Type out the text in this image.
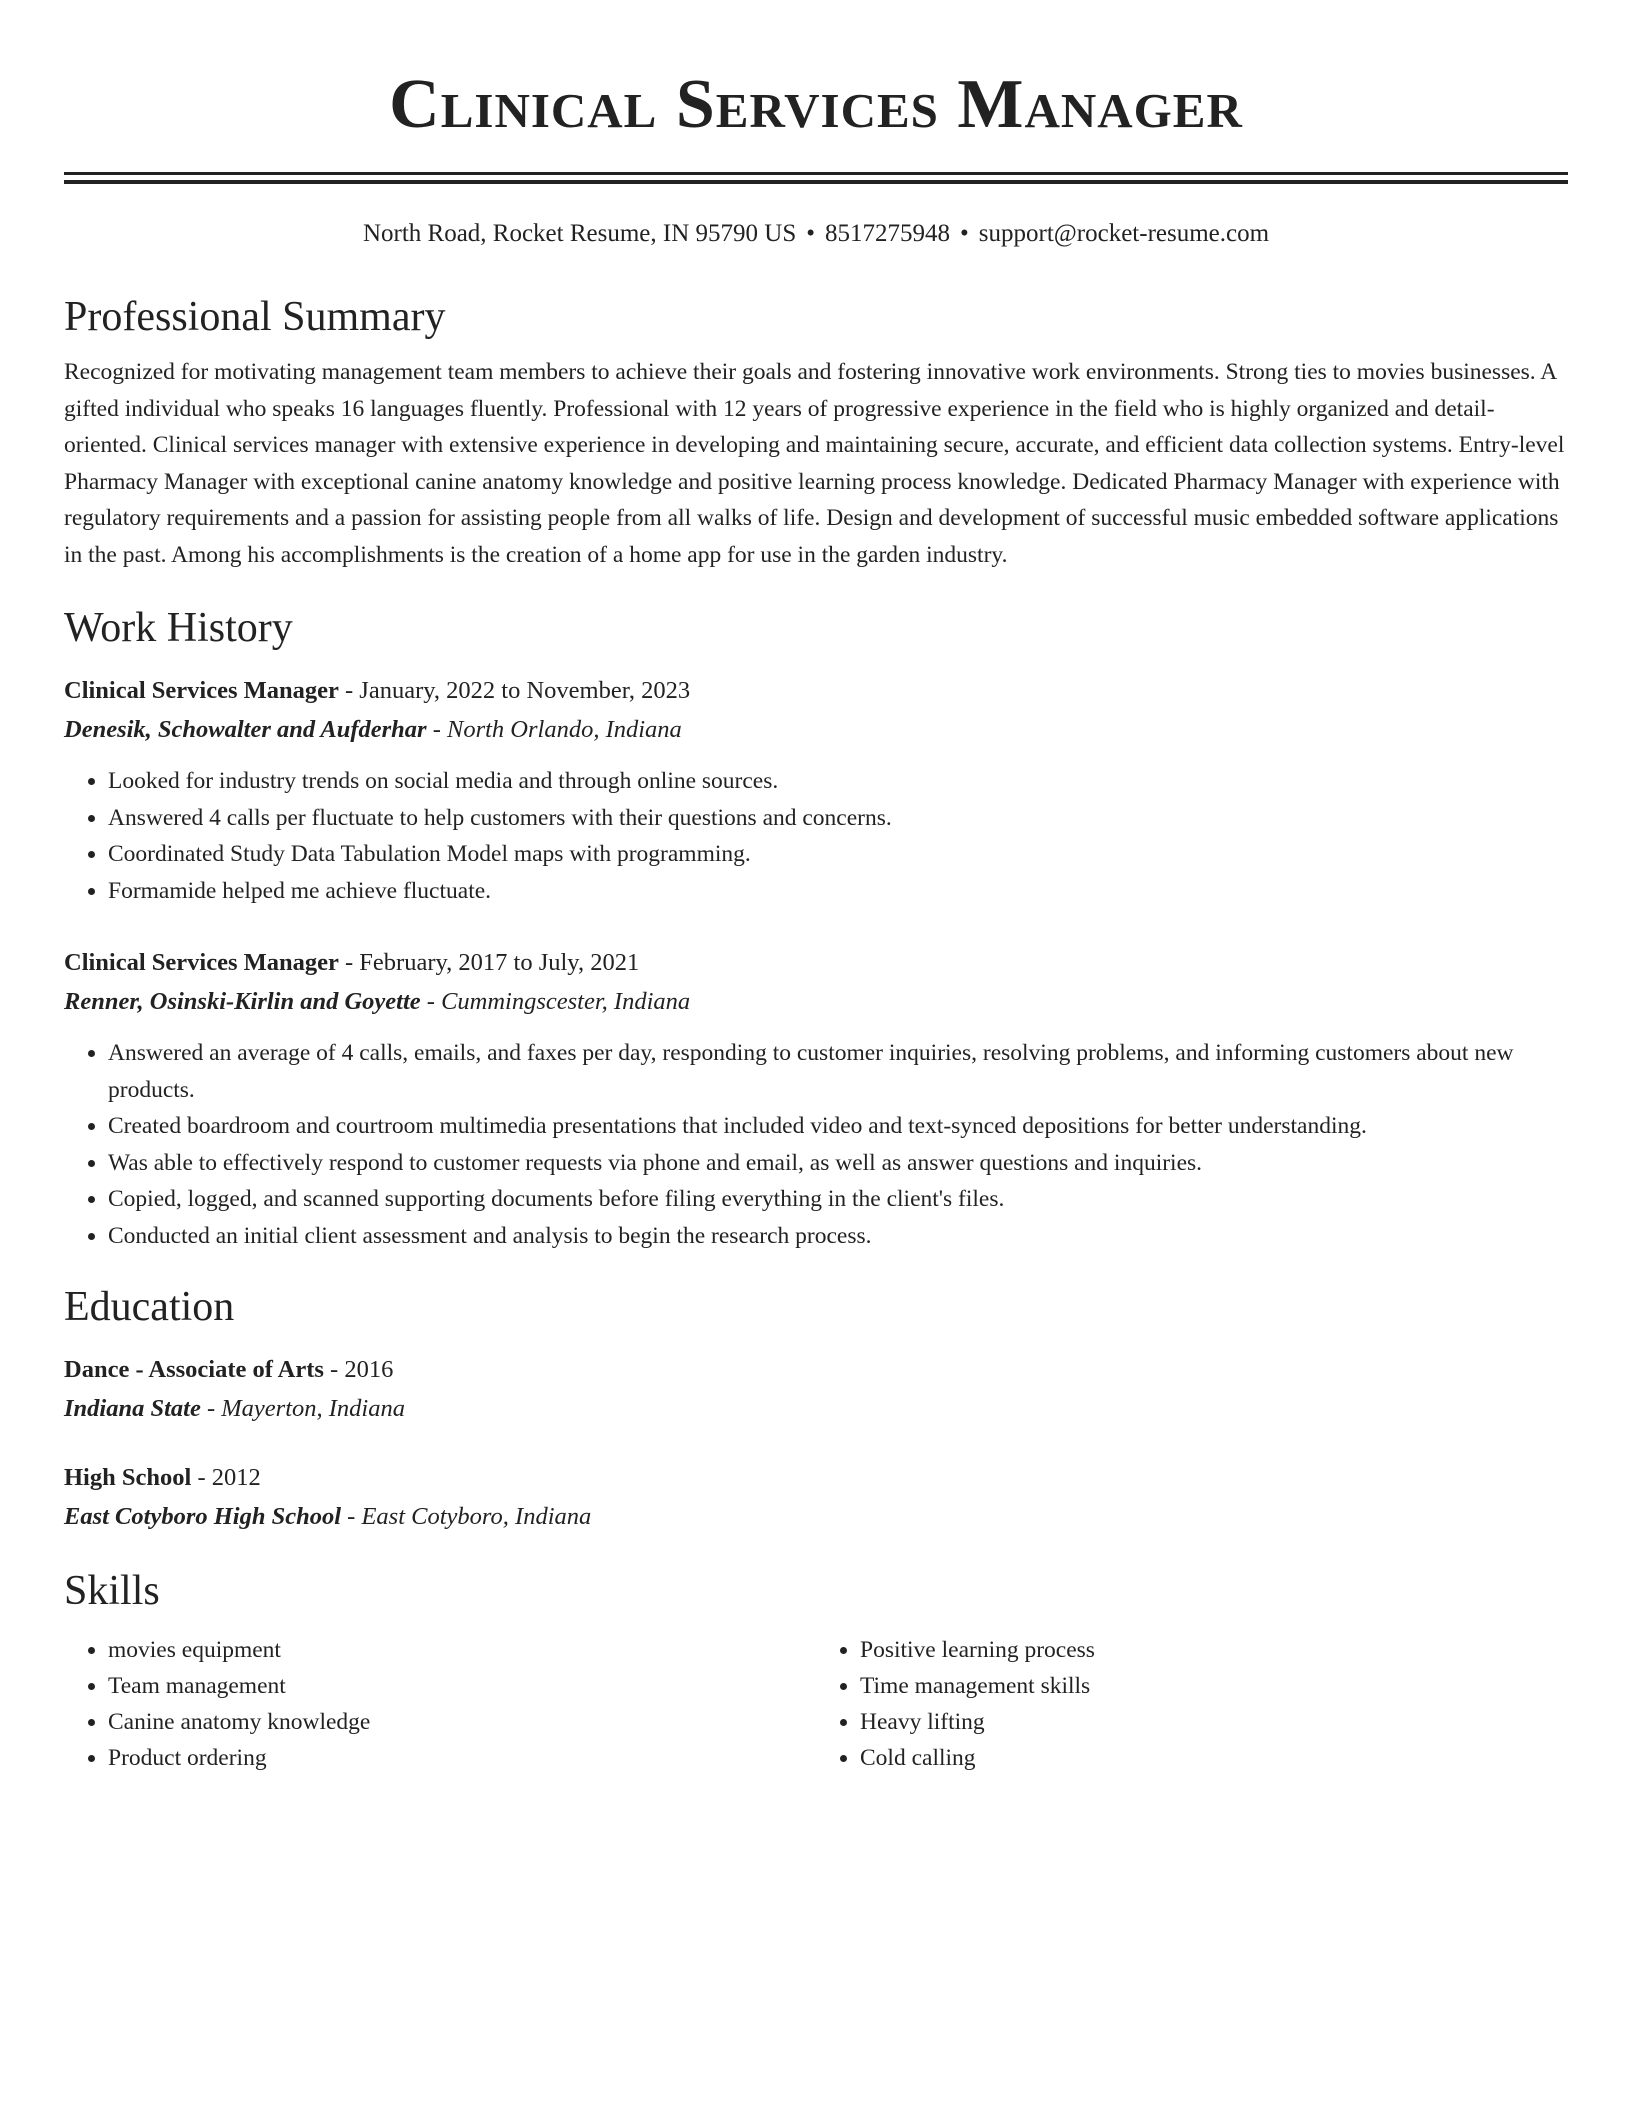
Clinical Services Manager
North Road, Rocket Resume, IN 95790 US • 8517275948 • support@rocket-resume.com
Professional Summary
Recognized for motivating management team members to achieve their goals and fostering innovative work environments. Strong ties to movies businesses. A gifted individual who speaks 16 languages fluently. Professional with 12 years of progressive experience in the field who is highly organized and detail-oriented. Clinical services manager with extensive experience in developing and maintaining secure, accurate, and efficient data collection systems. Entry-level Pharmacy Manager with exceptional canine anatomy knowledge and positive learning process knowledge. Dedicated Pharmacy Manager with experience with regulatory requirements and a passion for assisting people from all walks of life. Design and development of successful music embedded software applications in the past. Among his accomplishments is the creation of a home app for use in the garden industry.
Work History
Clinical Services Manager - January, 2022 to November, 2023
Denesik, Schowalter and Aufderhar - North Orlando, Indiana
• Looked for industry trends on social media and through online sources.
• Answered 4 calls per fluctuate to help customers with their questions and concerns.
• Coordinated Study Data Tabulation Model maps with programming.
• Formamide helped me achieve fluctuate.
Clinical Services Manager - February, 2017 to July, 2021
Renner, Osinski-Kirlin and Goyette - Cummingscester, Indiana
• Answered an average of 4 calls, emails, and faxes per day, responding to customer inquiries, resolving problems, and informing customers about new products.
• Created boardroom and courtroom multimedia presentations that included video and text-synced depositions for better understanding.
• Was able to effectively respond to customer requests via phone and email, as well as answer questions and inquiries.
• Copied, logged, and scanned supporting documents before filing everything in the client's files.
• Conducted an initial client assessment and analysis to begin the research process.
Education
Dance - Associate of Arts - 2016
Indiana State - Mayerton, Indiana
High School - 2012
East Cotyboro High School - East Cotyboro, Indiana
Skills
• movies equipment
• Team management
• Canine anatomy knowledge
• Product ordering
• Positive learning process
• Time management skills
• Heavy lifting
• Cold calling
